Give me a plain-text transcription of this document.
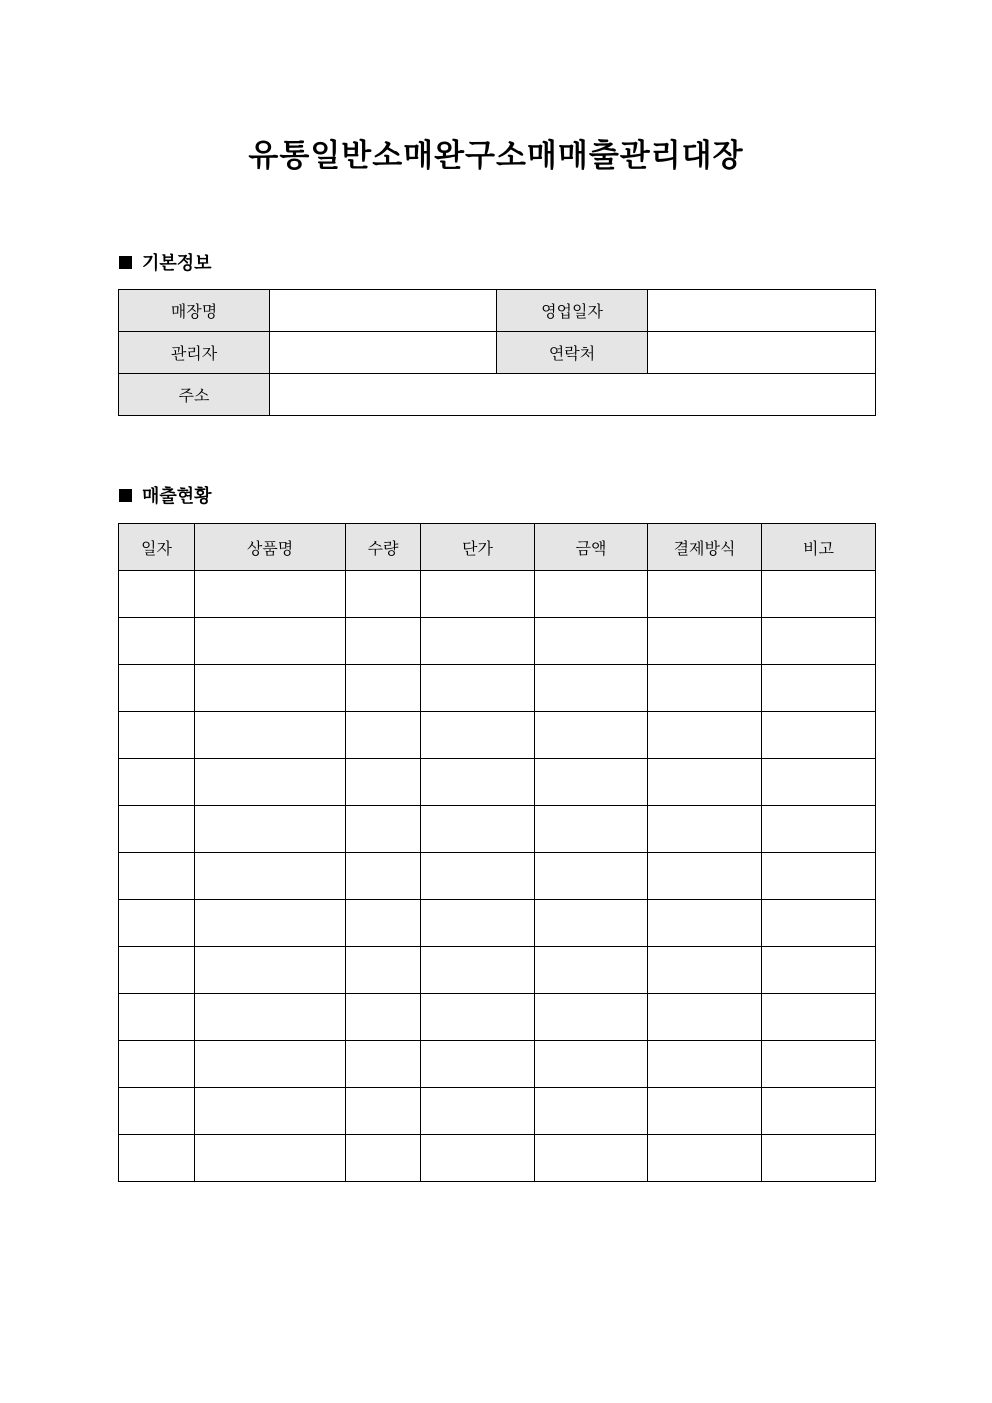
유통일반소매완구소매매출관리대장
기본정보
매장명		영업일자	
관리자		연락처	
주소			
매출현황
일자	상품명	수량	단가	금액	결제방식	비고
